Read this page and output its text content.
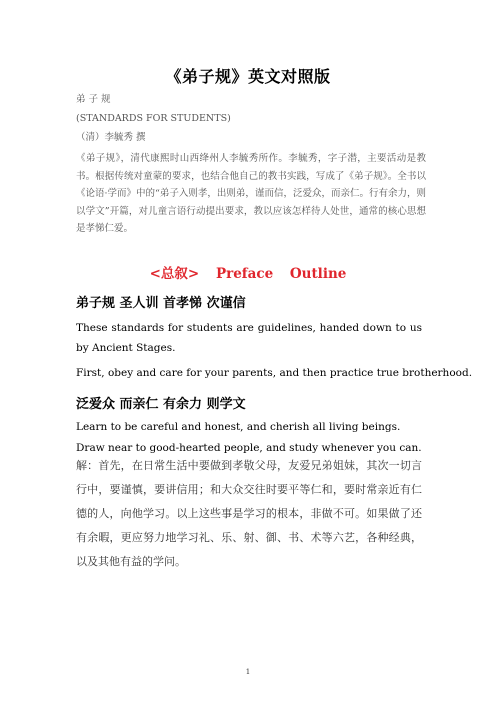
《弟子规》英文对照版
弟 子 规
(STANDARDS FOR STUDENTS)
（清）李毓秀 撰
《弟子规》，清代康熙时山西绛州人李毓秀所作。李毓秀，字子潜，主要活动是教书。根据传统对童蒙的要求，也结合他自己的教书实践，写成了《弟子规》。全书以《论语·学而》中的“弟子入则孝，出则弟，谨而信，泛爱众，而亲仁。行有余力，则以学文”开篇，对儿童言语行动提出要求，教以应该怎样待人处世，通常的核心思想是孝悌仁爱。
<总叙> Preface Outline
弟子规 圣人训 首孝悌 次谨信
These standards for students are guidelines, handed down to us by Ancient Stages.
First, obey and care for your parents, and then practice true brotherhood.
泛爱众 而亲仁 有余力 则学文
Learn to be careful and honest, and cherish all living beings.
Draw near to good-hearted people, and study whenever you can.
解：首先，在日常生活中要做到孝敬父母，友爱兄弟姐妹，其次一切言行中，要谨慎，要讲信用；和大众交往时要平等仁和，要时常亲近有仁德的人，向他学习。以上这些事是学习的根本，非做不可。如果做了还有余暇，更应努力地学习礼、乐、射、御、书、术等六艺，各种经典，以及其他有益的学问。
1
